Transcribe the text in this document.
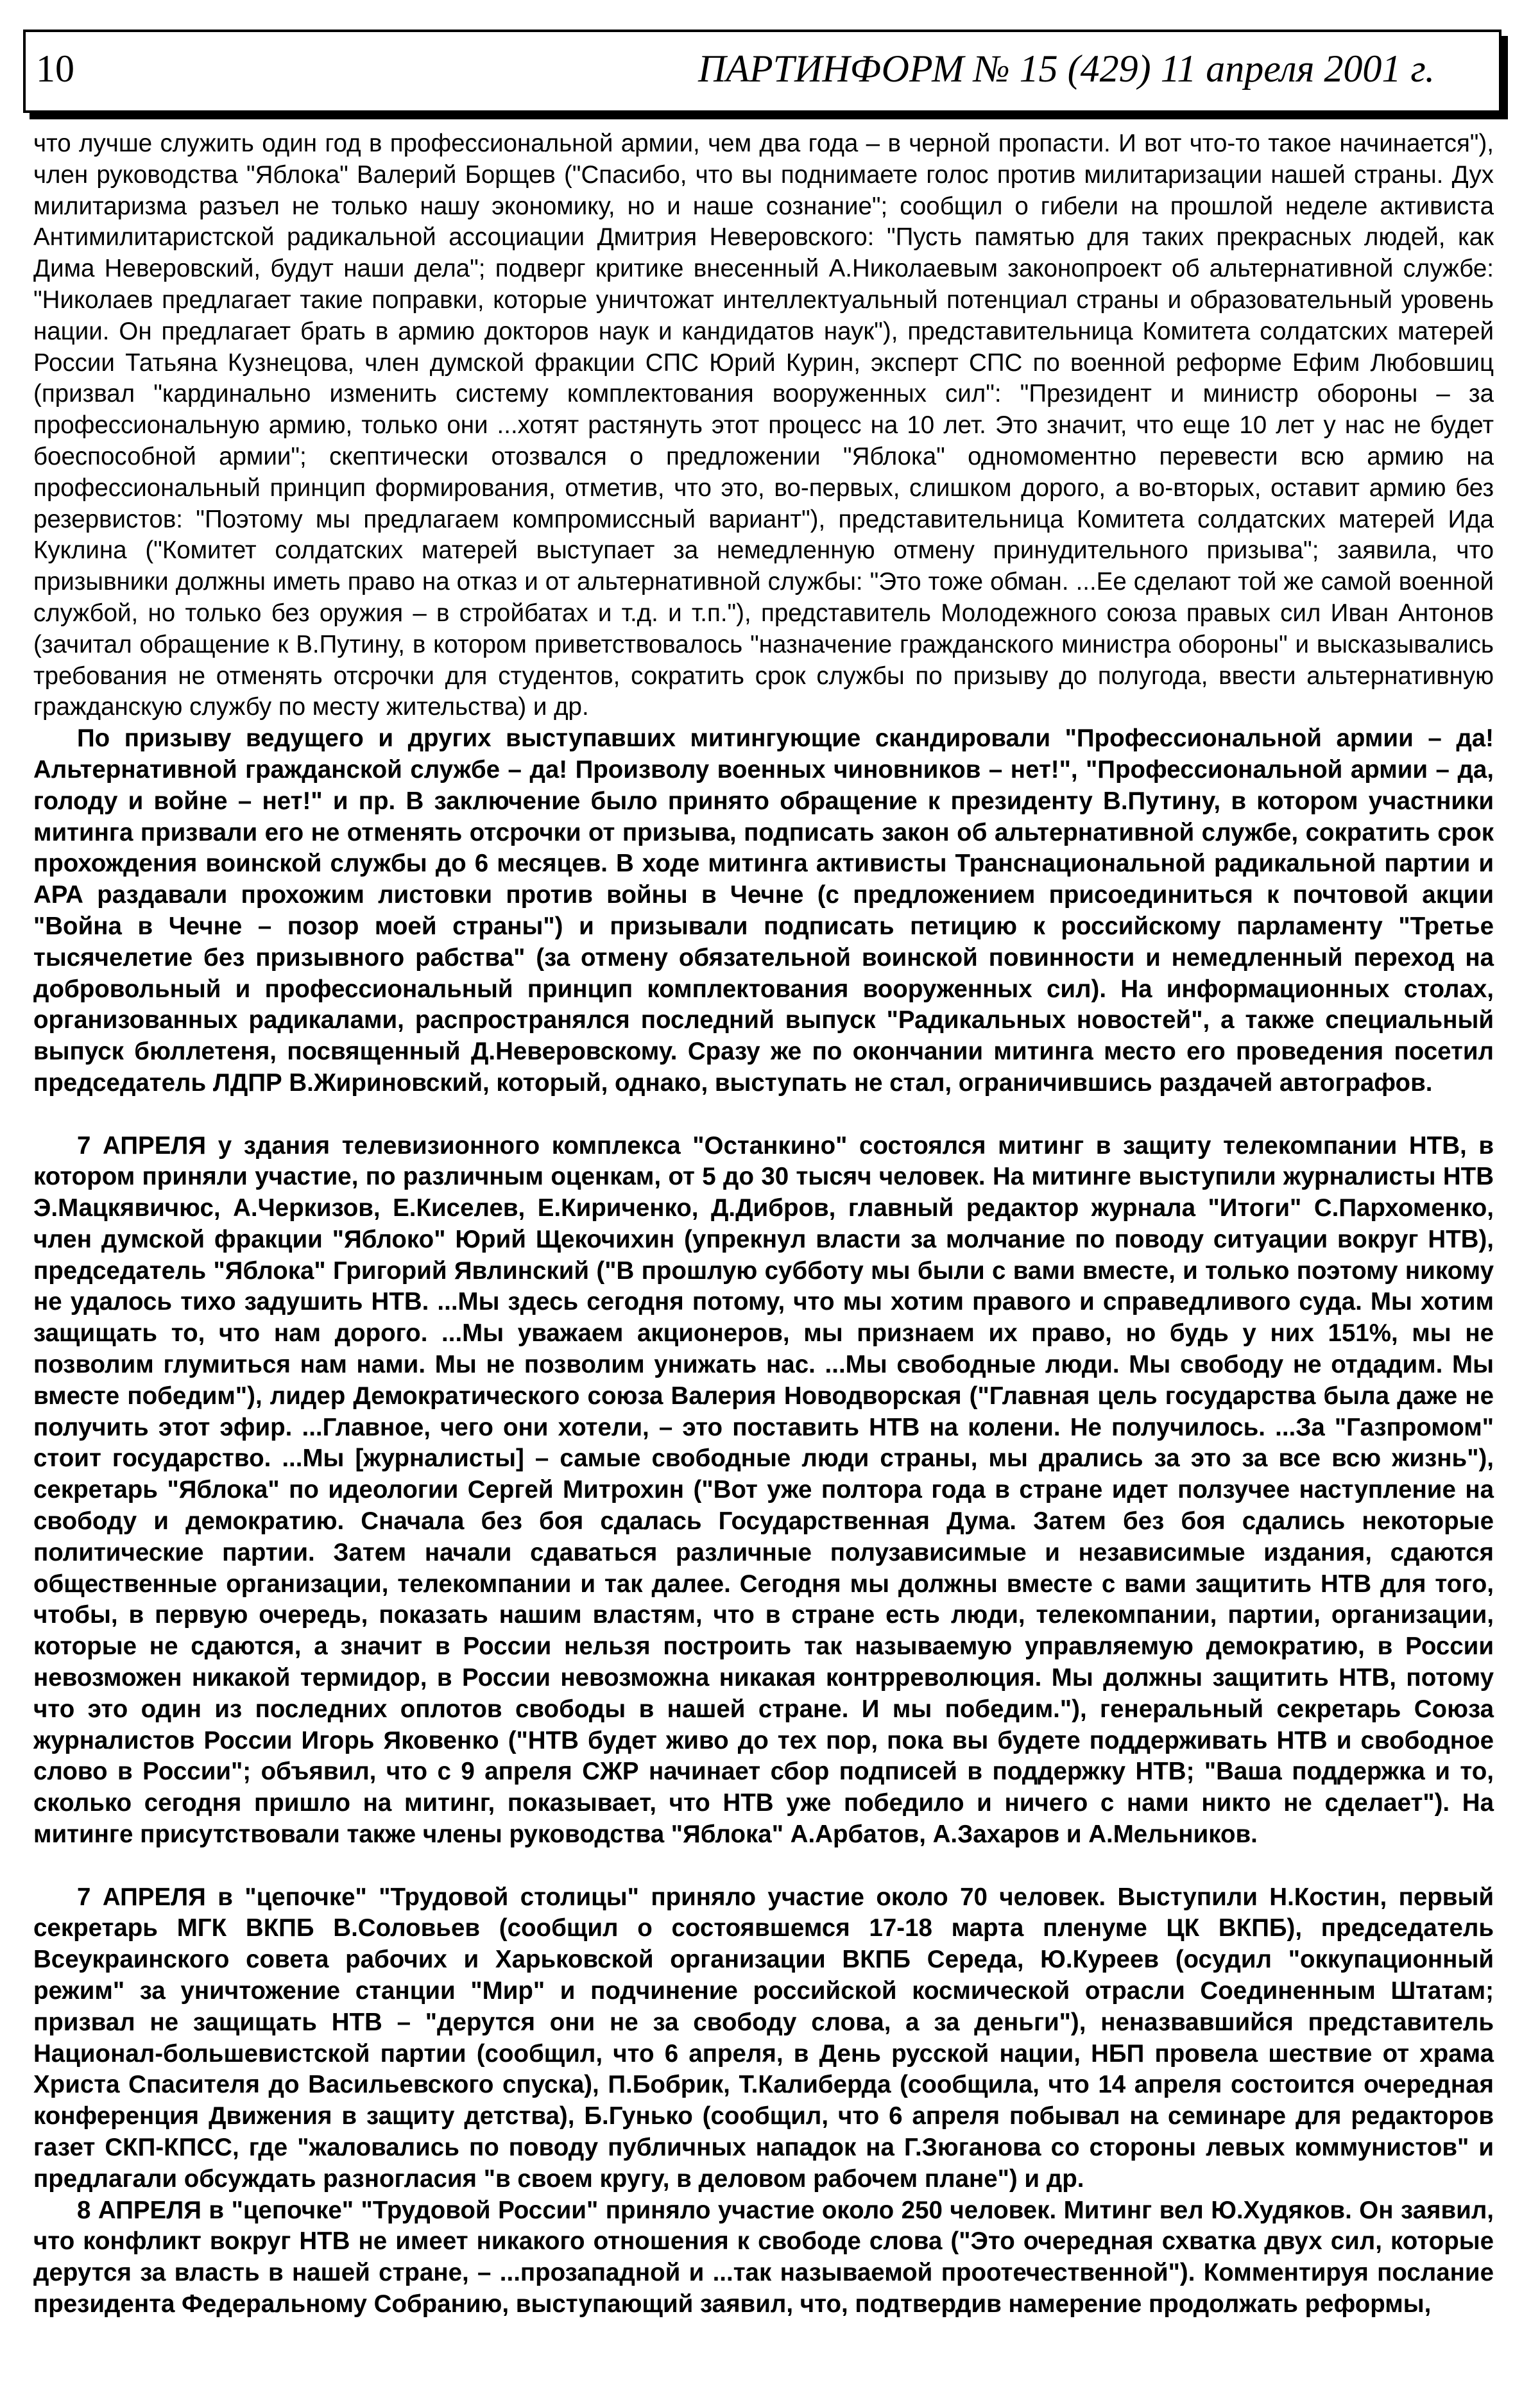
10	ПАРТИНФОРМ № 15 (429) 11 апреля 2001 г.

что лучше служить один год в профессиональной армии, чем два года – в черной пропасти. И вот что-то такое начинается"), член руководства "Яблока" Валерий Борщев ("Спасибо, что вы поднимаете голос против милитаризации нашей страны. Дух милитаризма разъел не только нашу экономику, но и наше сознание"; сообщил о гибели на прошлой неделе активиста Антимилитаристской радикальной ассоциации Дмитрия Неверовского: "Пусть памятью для таких прекрасных людей, как Дима Неверовский, будут наши дела"; подверг критике внесенный А.Николаевым законопроект об альтернативной службе: "Николаев предлагает такие поправки, которые уничтожат интеллектуальный потенциал страны и образовательный уровень нации. Он предлагает брать в армию докторов наук и кандидатов наук"), представительница Комитета солдатских матерей России Татьяна Кузнецова, член думской фракции СПС Юрий Курин, эксперт СПС по военной реформе Ефим Любовшиц (призвал "кардинально изменить систему комплектования вооруженных сил": "Президент и министр обороны – за профессиональную армию, только они ...хотят растянуть этот процесс на 10 лет. Это значит, что еще 10 лет у нас не будет боеспособной армии"; скептически отозвался о предложении "Яблока" одномоментно перевести всю армию на профессиональный принцип формирования, отметив, что это, во-первых, слишком дорого, а во-вторых, оставит армию без резервистов: "Поэтому мы предлагаем компромиссный вариант"), представительница Комитета солдатских матерей Ида Куклина ("Комитет солдатских матерей выступает за немедленную отмену принудительного призыва"; заявила, что призывники должны иметь право на отказ и от альтернативной службы: "Это тоже обман. ...Ее сделают той же самой военной службой, но только без оружия – в стройбатах и т.д. и т.п."), представитель Молодежного союза правых сил Иван Антонов (зачитал обращение к В.Путину, в котором приветствовалось "назначение гражданского министра обороны" и высказывались требования не отменять отсрочки для студентов, сократить срок службы по призыву до полугода, ввести альтернативную гражданскую службу по месту жительства) и др.

По призыву ведущего и других выступавших митингующие скандировали "Профессиональной армии – да! Альтернативной гражданской службе – да! Произволу военных чиновников – нет!", "Профессиональной армии – да, голоду и войне – нет!" и пр. В заключение было принято обращение к президенту В.Путину, в котором участники митинга призвали его не отменять отсрочки от призыва, подписать закон об альтернативной службе, сократить срок прохождения воинской службы до 6 месяцев. В ходе митинга активисты Транснациональной радикальной партии и АРА раздавали прохожим листовки против войны в Чечне (с предложением присоединиться к почтовой акции "Война в Чечне – позор моей страны") и призывали подписать петицию к российскому парламенту "Третье тысячелетие без призывного рабства" (за отмену обязательной воинской повинности и немедленный переход на добровольный и профессиональный принцип комплектования вооруженных сил). На информационных столах, организованных радикалами, распространялся последний выпуск "Радикальных новостей", а также специальный выпуск бюллетеня, посвященный Д.Неверовскому. Сразу же по окончании митинга место его проведения посетил председатель ЛДПР В.Жириновский, который, однако, выступать не стал, ограничившись раздачей автографов.

7 АПРЕЛЯ у здания телевизионного комплекса "Останкино" состоялся митинг в защиту телекомпании НТВ, в котором приняли участие, по различным оценкам, от 5 до 30 тысяч человек. На митинге выступили журналисты НТВ Э.Мацкявичюс, А.Черкизов, Е.Киселев, Е.Кириченко, Д.Дибров, главный редактор журнала "Итоги" С.Пархоменко, член думской фракции "Яблоко" Юрий Щекочихин (упрекнул власти за молчание по поводу ситуации вокруг НТВ), председатель "Яблока" Григорий Явлинский ("В прошлую субботу мы были с вами вместе, и только поэтому никому не удалось тихо задушить НТВ. ...Мы здесь сегодня потому, что мы хотим правого и справедливого суда. Мы хотим защищать то, что нам дорого. ...Мы уважаем акционеров, мы признаем их право, но будь у них 151%, мы не позволим глумиться нам нами. Мы не позволим унижать нас. ...Мы свободные люди. Мы свободу не отдадим. Мы вместе победим"), лидер Демократического союза Валерия Новодворская ("Главная цель государства была даже не получить этот эфир. ...Главное, чего они хотели, – это поставить НТВ на колени. Не получилось. ...За "Газпромом" стоит государство. ...Мы [журналисты] – самые свободные люди страны, мы дрались за это за все всю жизнь"), секретарь "Яблока" по идеологии Сергей Митрохин ("Вот уже полтора года в стране идет ползучее наступление на свободу и демократию. Сначала без боя сдалась Государственная Дума. Затем без боя сдались некоторые политические партии. Затем начали сдаваться различные полузависимые и независимые издания, сдаются общественные организации, телекомпании и так далее. Сегодня мы должны вместе с вами защитить НТВ для того, чтобы, в первую очередь, показать нашим властям, что в стране есть люди, телекомпании, партии, организации, которые не сдаются, а значит в России нельзя построить так называемую управляемую демократию, в России невозможен никакой термидор, в России невозможна никакая контрреволюция. Мы должны защитить НТВ, потому что это один из последних оплотов свободы в нашей стране. И мы победим."), генеральный секретарь Союза журналистов России Игорь Яковенко ("НТВ будет живо до тех пор, пока вы будете поддерживать НТВ и свободное слово в России"; объявил, что с 9 апреля СЖР начинает сбор подписей в поддержку НТВ; "Ваша поддержка и то, сколько сегодня пришло на митинг, показывает, что НТВ уже победило и ничего с нами никто не сделает"). На митинге присутствовали также члены руководства "Яблока" А.Арбатов, А.Захаров и А.Мельников.

7 АПРЕЛЯ в "цепочке" "Трудовой столицы" приняло участие около 70 человек. Выступили Н.Костин, первый секретарь МГК ВКПБ В.Соловьев (сообщил о состоявшемся 17-18 марта пленуме ЦК ВКПБ), председатель Всеукраинского совета рабочих и Харьковской организации ВКПБ Середа, Ю.Куреев (осудил "оккупационный режим" за уничтожение станции "Мир" и подчинение российской космической отрасли Соединенным Штатам; призвал не защищать НТВ – "дерутся они не за свободу слова, а за деньги"), неназвавшийся представитель Национал-большевистской партии (сообщил, что 6 апреля, в День русской нации, НБП провела шествие от храма Христа Спасителя до Васильевского спуска), П.Бобрик, Т.Калиберда (сообщила, что 14 апреля состоится очередная конференция Движения в защиту детства), Б.Гунько (сообщил, что 6 апреля побывал на семинаре для редакторов газет СКП-КПСС, где "жаловались по поводу публичных нападок на Г.Зюганова со стороны левых коммунистов" и предлагали обсуждать разногласия "в своем кругу, в деловом рабочем плане") и др.

8 АПРЕЛЯ в "цепочке" "Трудовой России" приняло участие около 250 человек. Митинг вел Ю.Худяков. Он заявил, что конфликт вокруг НТВ не имеет никакого отношения к свободе слова ("Это очередная схватка двух сил, которые дерутся за власть в нашей стране, – ...прозападной и ...так называемой проотечественной"). Комментируя послание президента Федеральному Собранию, выступающий заявил, что, подтвердив намерение продолжать реформы,
